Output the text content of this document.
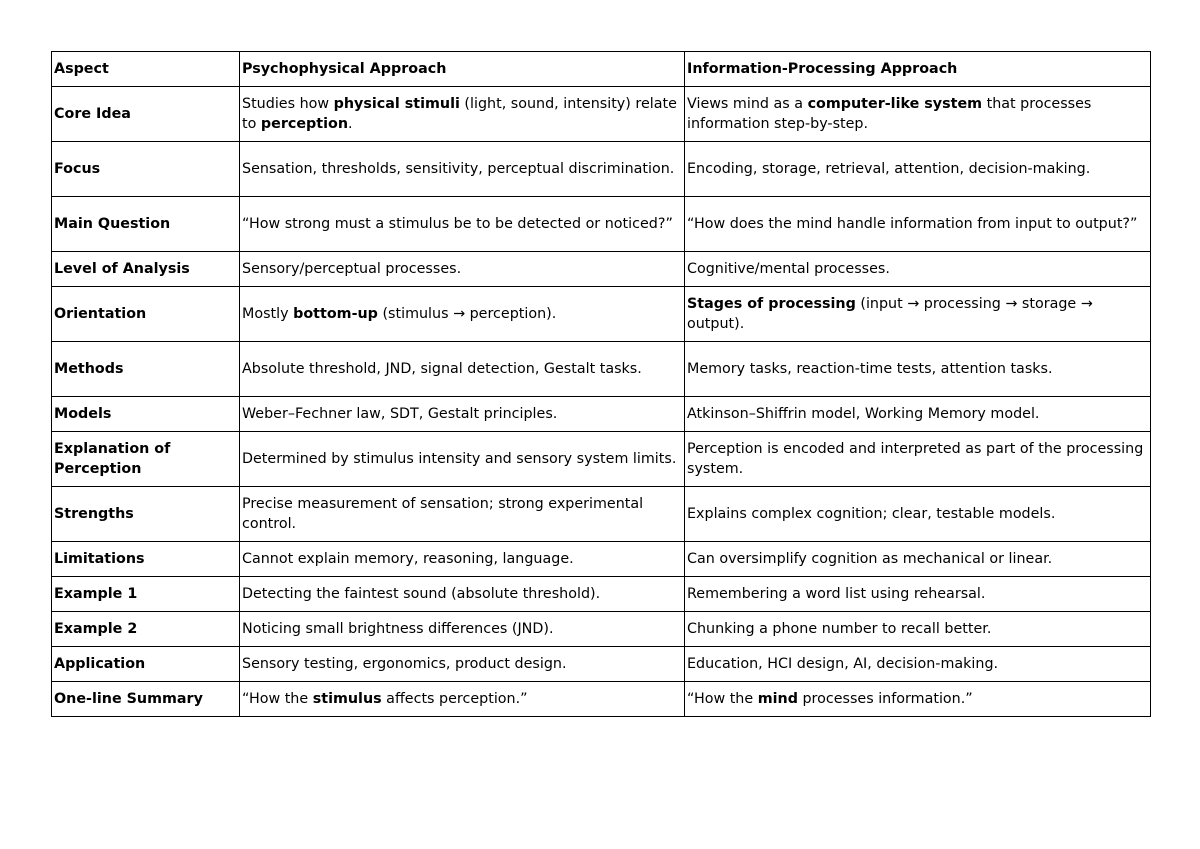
Aspect	Psychophysical Approach	Information-Processing Approach
Core Idea	Studies how physical stimuli (light, sound, intensity) relate to perception.	Views mind as a computer-like system that processes information step-by-step.
Focus	Sensation, thresholds, sensitivity, perceptual discrimination.	Encoding, storage, retrieval, attention, decision-making.
Main Question	“How strong must a stimulus be to be detected or noticed?”	“How does the mind handle information from input to output?”
Level of Analysis	Sensory/perceptual processes.	Cognitive/mental processes.
Orientation	Mostly bottom-up (stimulus → perception).	Stages of processing (input → processing → storage → output).
Methods	Absolute threshold, JND, signal detection, Gestalt tasks.	Memory tasks, reaction-time tests, attention tasks.
Models	Weber–Fechner law, SDT, Gestalt principles.	Atkinson–Shiffrin model, Working Memory model.
Explanation of Perception	Determined by stimulus intensity and sensory system limits.	Perception is encoded and interpreted as part of the processing system.
Strengths	Precise measurement of sensation; strong experimental control.	Explains complex cognition; clear, testable models.
Limitations	Cannot explain memory, reasoning, language.	Can oversimplify cognition as mechanical or linear.
Example 1	Detecting the faintest sound (absolute threshold).	Remembering a word list using rehearsal.
Example 2	Noticing small brightness differences (JND).	Chunking a phone number to recall better.
Application	Sensory testing, ergonomics, product design.	Education, HCI design, AI, decision-making.
One-line Summary	“How the stimulus affects perception.”	“How the mind processes information.”
